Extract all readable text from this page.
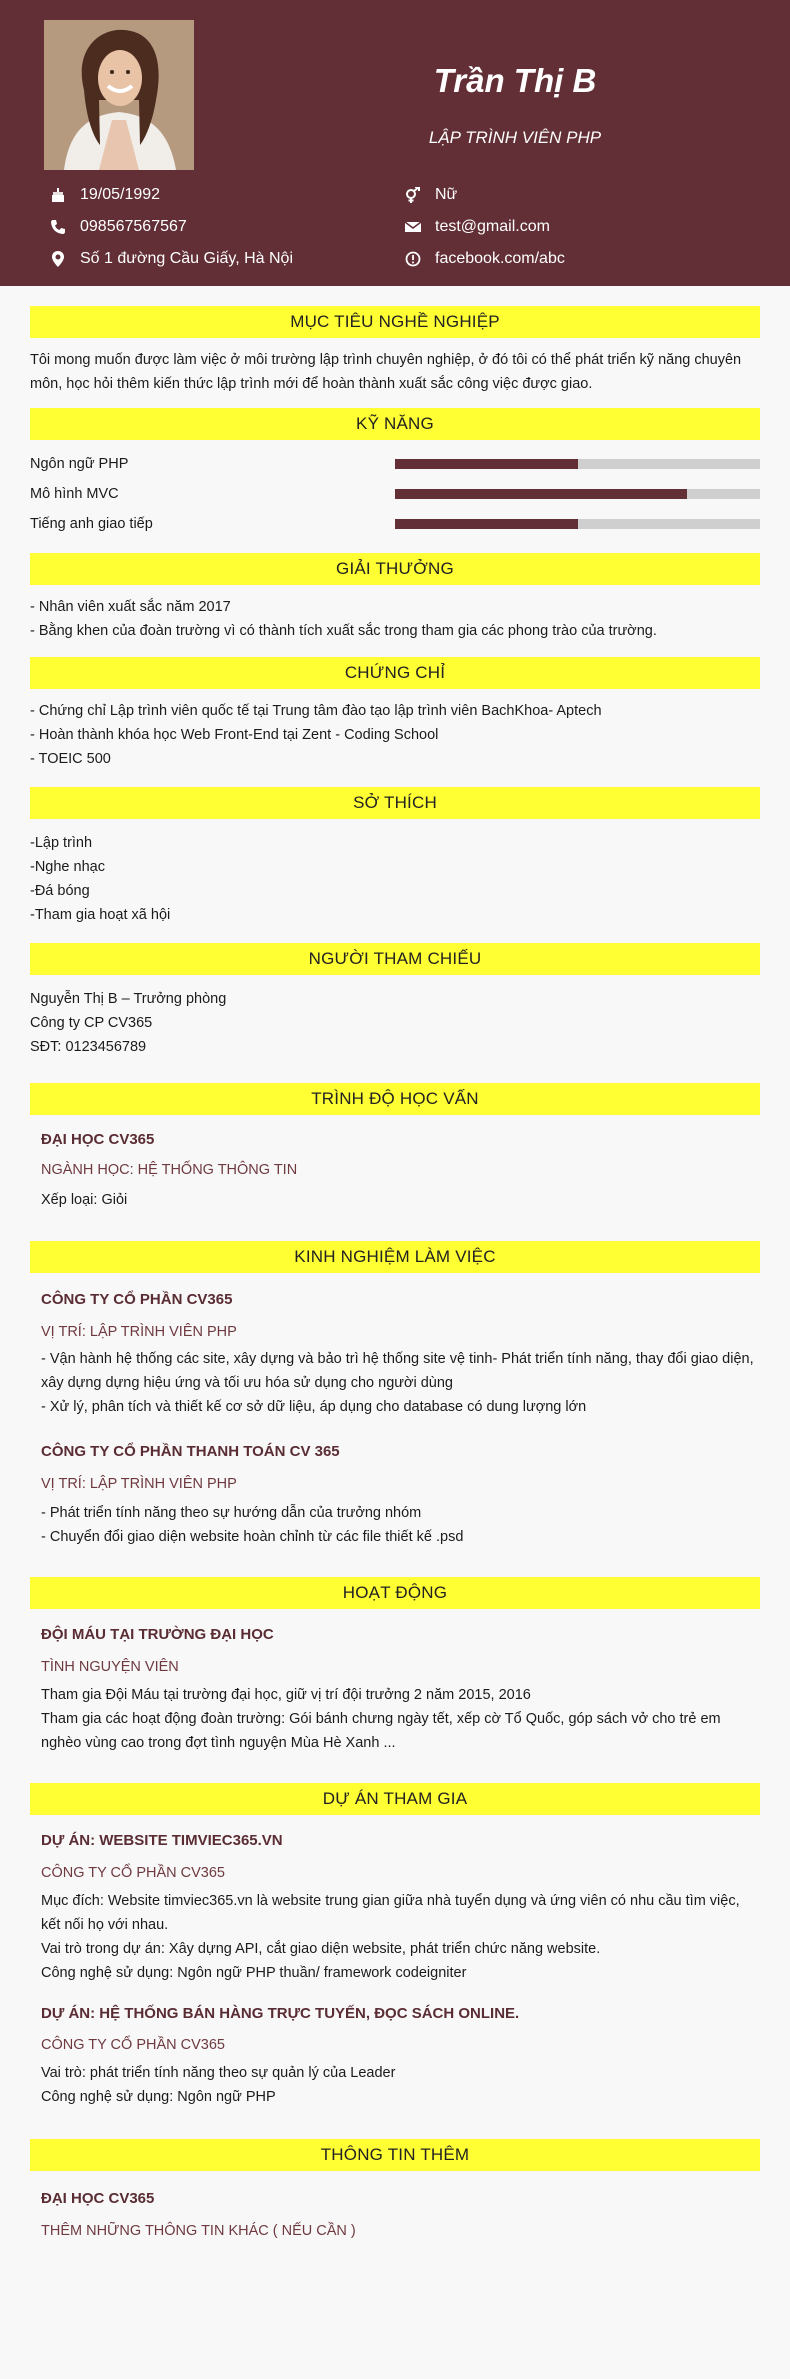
Trần Thị B
LẬP TRÌNH VIÊN PHP
19/05/1992
098567567567
Số 1 đường Cầu Giấy, Hà Nội
Nữ
test@gmail.com
facebook.com/abc
MỤC TIÊU NGHỀ NGHIỆP
Tôi mong muốn được làm việc ở môi trường lập trình chuyên nghiệp, ở đó tôi có thể phát triển kỹ năng chuyên môn, học hỏi thêm kiến thức lập trình mới để hoàn thành xuất sắc công việc được giao.
KỸ NĂNG
Ngôn ngữ PHP
Mô hình MVC
Tiếng anh giao tiếp
GIẢI THƯỞNG
- Nhân viên xuất sắc năm 2017
- Bằng khen của đoàn trường vì có thành tích xuất sắc trong tham gia các phong trào của trường.
CHỨNG CHỈ
- Chứng chỉ Lập trình viên quốc tế tại Trung tâm đào tạo lập trình viên BachKhoa- Aptech
- Hoàn thành khóa học Web Front-End tại Zent - Coding School
- TOEIC 500
SỞ THÍCH
-Lập trình
-Nghe nhạc
-Đá bóng
-Tham gia hoạt xã hội
NGƯỜI THAM CHIẾU
Nguyễn Thị B – Trưởng phòng
Công ty CP CV365
SĐT: 0123456789
TRÌNH ĐỘ HỌC VẤN
ĐẠI HỌC CV365
NGÀNH HỌC: HỆ THỐNG THÔNG TIN
Xếp loại: Giỏi
KINH NGHIỆM LÀM VIỆC
CÔNG TY CỔ PHẦN CV365
VỊ TRÍ: LẬP TRÌNH VIÊN PHP
- Vận hành hệ thống các site, xây dựng và bảo trì hệ thống site vệ tinh- Phát triển tính năng, thay đổi giao diện, xây dựng dựng hiệu ứng và tối ưu hóa sử dụng cho người dùng
- Xử lý, phân tích và thiết kế cơ sở dữ liệu, áp dụng cho database có dung lượng lớn
CÔNG TY CỔ PHẦN THANH TOÁN CV 365
VỊ TRÍ: LẬP TRÌNH VIÊN PHP
- Phát triển tính năng theo sự hướng dẫn của trưởng nhóm
- Chuyển đổi giao diện website hoàn chỉnh từ các file thiết kế .psd
HOẠT ĐỘNG
ĐỘI MÁU TẠI TRƯỜNG ĐẠI HỌC
TÌNH NGUYỆN VIÊN
Tham gia Đội Máu tại trường đại học, giữ vị trí đội trưởng 2 năm 2015, 2016
Tham gia các hoạt động đoàn trường: Gói bánh chưng ngày tết, xếp cờ Tổ Quốc, góp sách vở cho trẻ em nghèo vùng cao trong đợt tình nguyện Mùa Hè Xanh ...
DỰ ÁN THAM GIA
DỰ ÁN: WEBSITE TIMVIEC365.VN
CÔNG TY CỔ PHẦN CV365
Mục đích: Website timviec365.vn là website trung gian giữa nhà tuyển dụng và ứng viên có nhu cầu tìm việc, kết nối họ với nhau.
Vai trò trong dự án: Xây dựng API, cắt giao diện website, phát triển chức năng website.
Công nghệ sử dụng: Ngôn ngữ PHP thuần/ framework codeigniter
DỰ ÁN: HỆ THỐNG BÁN HÀNG TRỰC TUYẾN, ĐỌC SÁCH ONLINE.
CÔNG TY CỔ PHẦN CV365
Vai trò: phát triển tính năng theo sự quản lý của Leader
Công nghệ sử dụng: Ngôn ngữ PHP
THÔNG TIN THÊM
ĐẠI HỌC CV365
THÊM NHỮNG THÔNG TIN KHÁC ( NẾU CẦN )
